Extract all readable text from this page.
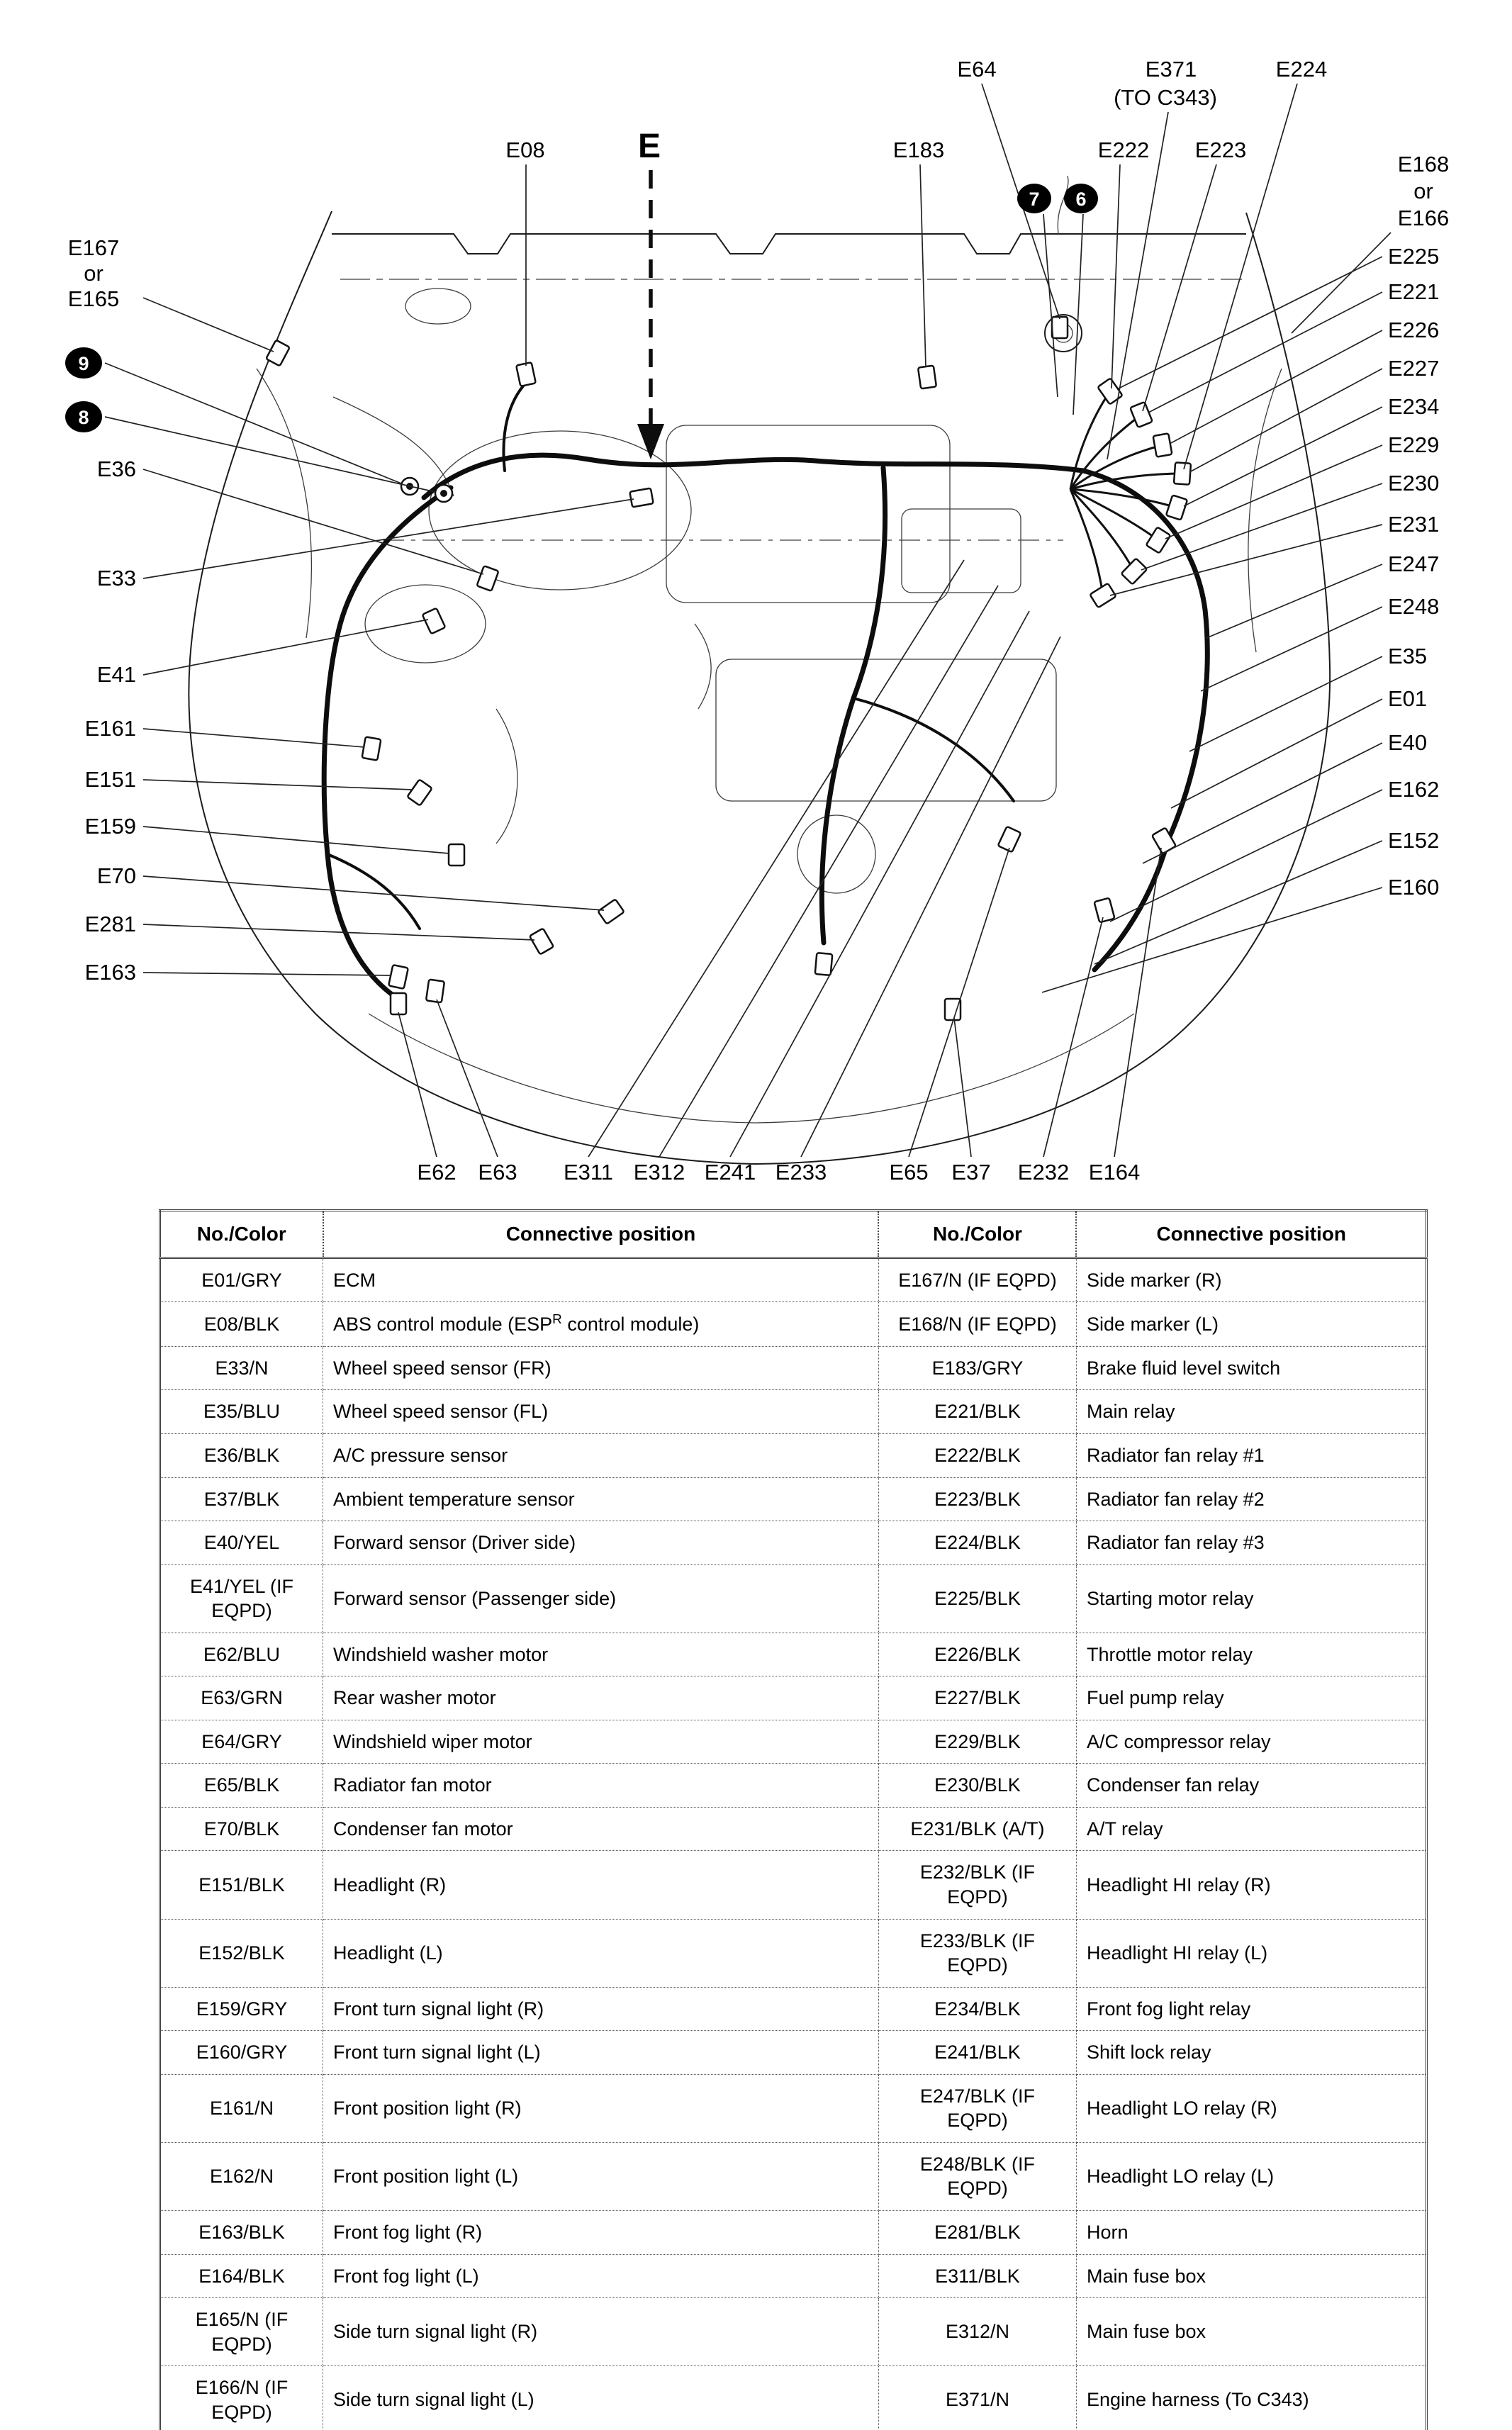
E64	E371
(TO C343)
E224
E08	E	E183	E222 E223
7 6
9
8
E168
or
E166
E225
E221
E226
E227
E234
E229
E230
E231
E247
E248
E35
E01
E40
E162
E152
E160
E167
or
E165
E36
E33
E41
E161
E151
E159
E70
E281
E163
E62 E63 E311 E312 E241 E233	E65 E37 E232 E164
No./Color	Connective position	No./Color	Connective position
E01/GRY	ECM	E167/N (IF EQPD)	Side marker (R)
E08/BLK	ABS control module ($ESP^R$ control module)	E168/N (IF EQPD)	Side marker (L)
E33/N	Wheel speed sensor (FR)	E183/GRY	Brake fluid level switch
E35/BLU	Wheel speed sensor (FL)	E221/BLK	Main relay
E36/BLK	A/C pressure sensor	E222/BLK	Radiator fan relay #1
E37/BLK	Ambient temperature sensor	E223/BLK	Radiator fan relay #2
E40/YEL	Forward sensor (Driver side)	E224/BLK	Radiator fan relay #3
E41/YEL (IF EQPD)	Forward sensor (Passenger side)	E225/BLK	Starting motor relay
E62/BLU	Windshield washer motor	E226/BLK	Throttle motor relay
E63/GRN	Rear washer motor	E227/BLK	Fuel pump relay
E64/GRY	Windshield wiper motor	E229/BLK	A/C compressor relay
E65/BLK	Radiator fan motor	E230/BLK	Condenser fan relay
E70/BLK	Condenser fan motor	E231/BLK (A/T)	A/T relay
E151/BLK	Headlight (R)	E232/BLK (IF EQPD)	Headlight HI relay (R)
E152/BLK	Headlight (L)	E233/BLK (IF EQPD)	Headlight HI relay (L)
E159/GRY	Front turn signal light (R)	E234/BLK	Front fog light relay
E160/GRY	Front turn signal light (L)	E241/BLK	Shift lock relay
E161/N	Front position light (R)	E247/BLK (IF EQPD)	Headlight LO relay (R)
E162/N	Front position light (L)	E248/BLK (IF EQPD)	Headlight LO relay (L)
E163/BLK	Front fog light (R)	E281/BLK	Horn
E164/BLK	Front fog light (L)	E311/BLK	Main fuse box
E165/N (IF EQPD)	Side turn signal light (R)	E312/N	Main fuse box
E166/N (IF EQPD)	Side turn signal light (L)	E371/N	Engine harness (To C343)
